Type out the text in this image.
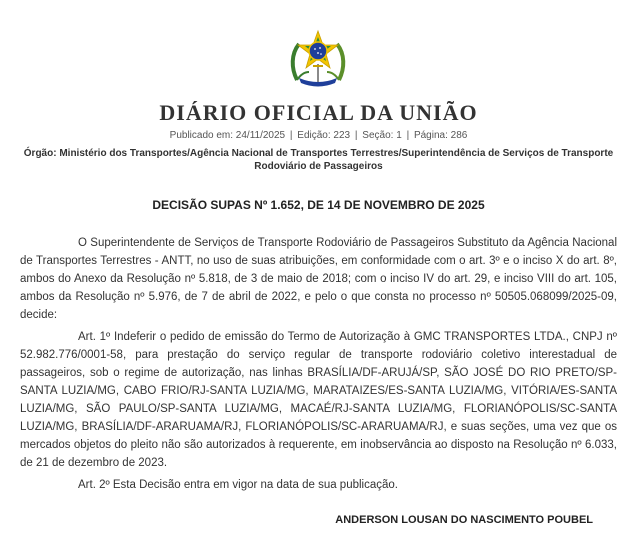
DIÁRIO OFICIAL DA UNIÃO
Publicado em: 24/11/2025 | Edição: 223 | Seção: 1 | Página: 286
Órgão: Ministério dos Transportes/Agência Nacional de Transportes Terrestres/Superintendência de Serviços de Transporte Rodoviário de Passageiros
DECISÃO SUPAS Nº 1.652, DE 14 DE NOVEMBRO DE 2025

O Superintendente de Serviços de Transporte Rodoviário de Passageiros Substituto da Agência Nacional de Transportes Terrestres - ANTT, no uso de suas atribuições, em conformidade com o art. 3º e o inciso X do art. 8º, ambos do Anexo da Resolução nº 5.818, de 3 de maio de 2018; com o inciso IV do art. 29, e inciso VIII do art. 105, ambos da Resolução nº 5.976, de 7 de abril de 2022, e pelo o que consta no processo nº 50505.068099/2025-09, decide:

Art. 1º Indeferir o pedido de emissão do Termo de Autorização à GMC TRANSPORTES LTDA., CNPJ nº 52.982.776/0001-58, para prestação do serviço regular de transporte rodoviário coletivo interestadual de passageiros, sob o regime de autorização, nas linhas BRASÍLIA/DF-ARUJÁ/SP, SÃO JOSÉ DO RIO PRETO/SP-SANTA LUZIA/MG, CABO FRIO/RJ-SANTA LUZIA/MG, MARATAIZES/ES-SANTA LUZIA/MG, VITÓRIA/ES-SANTA LUZIA/MG, SÃO PAULO/SP-SANTA LUZIA/MG, MACAÉ/RJ-SANTA LUZIA/MG, FLORIANÓPOLIS/SC-SANTA LUZIA/MG, BRASÍLIA/DF-ARARUAMA/RJ, FLORIANÓPOLIS/SC-ARARUAMA/RJ, e suas seções, uma vez que os mercados objetos do pleito não são autorizados à requerente, em inobservância ao disposto na Resolução nº 6.033, de 21 de dezembro de 2023.

Art. 2º Esta Decisão entra em vigor na data de sua publicação.

ANDERSON LOUSAN DO NASCIMENTO POUBEL
